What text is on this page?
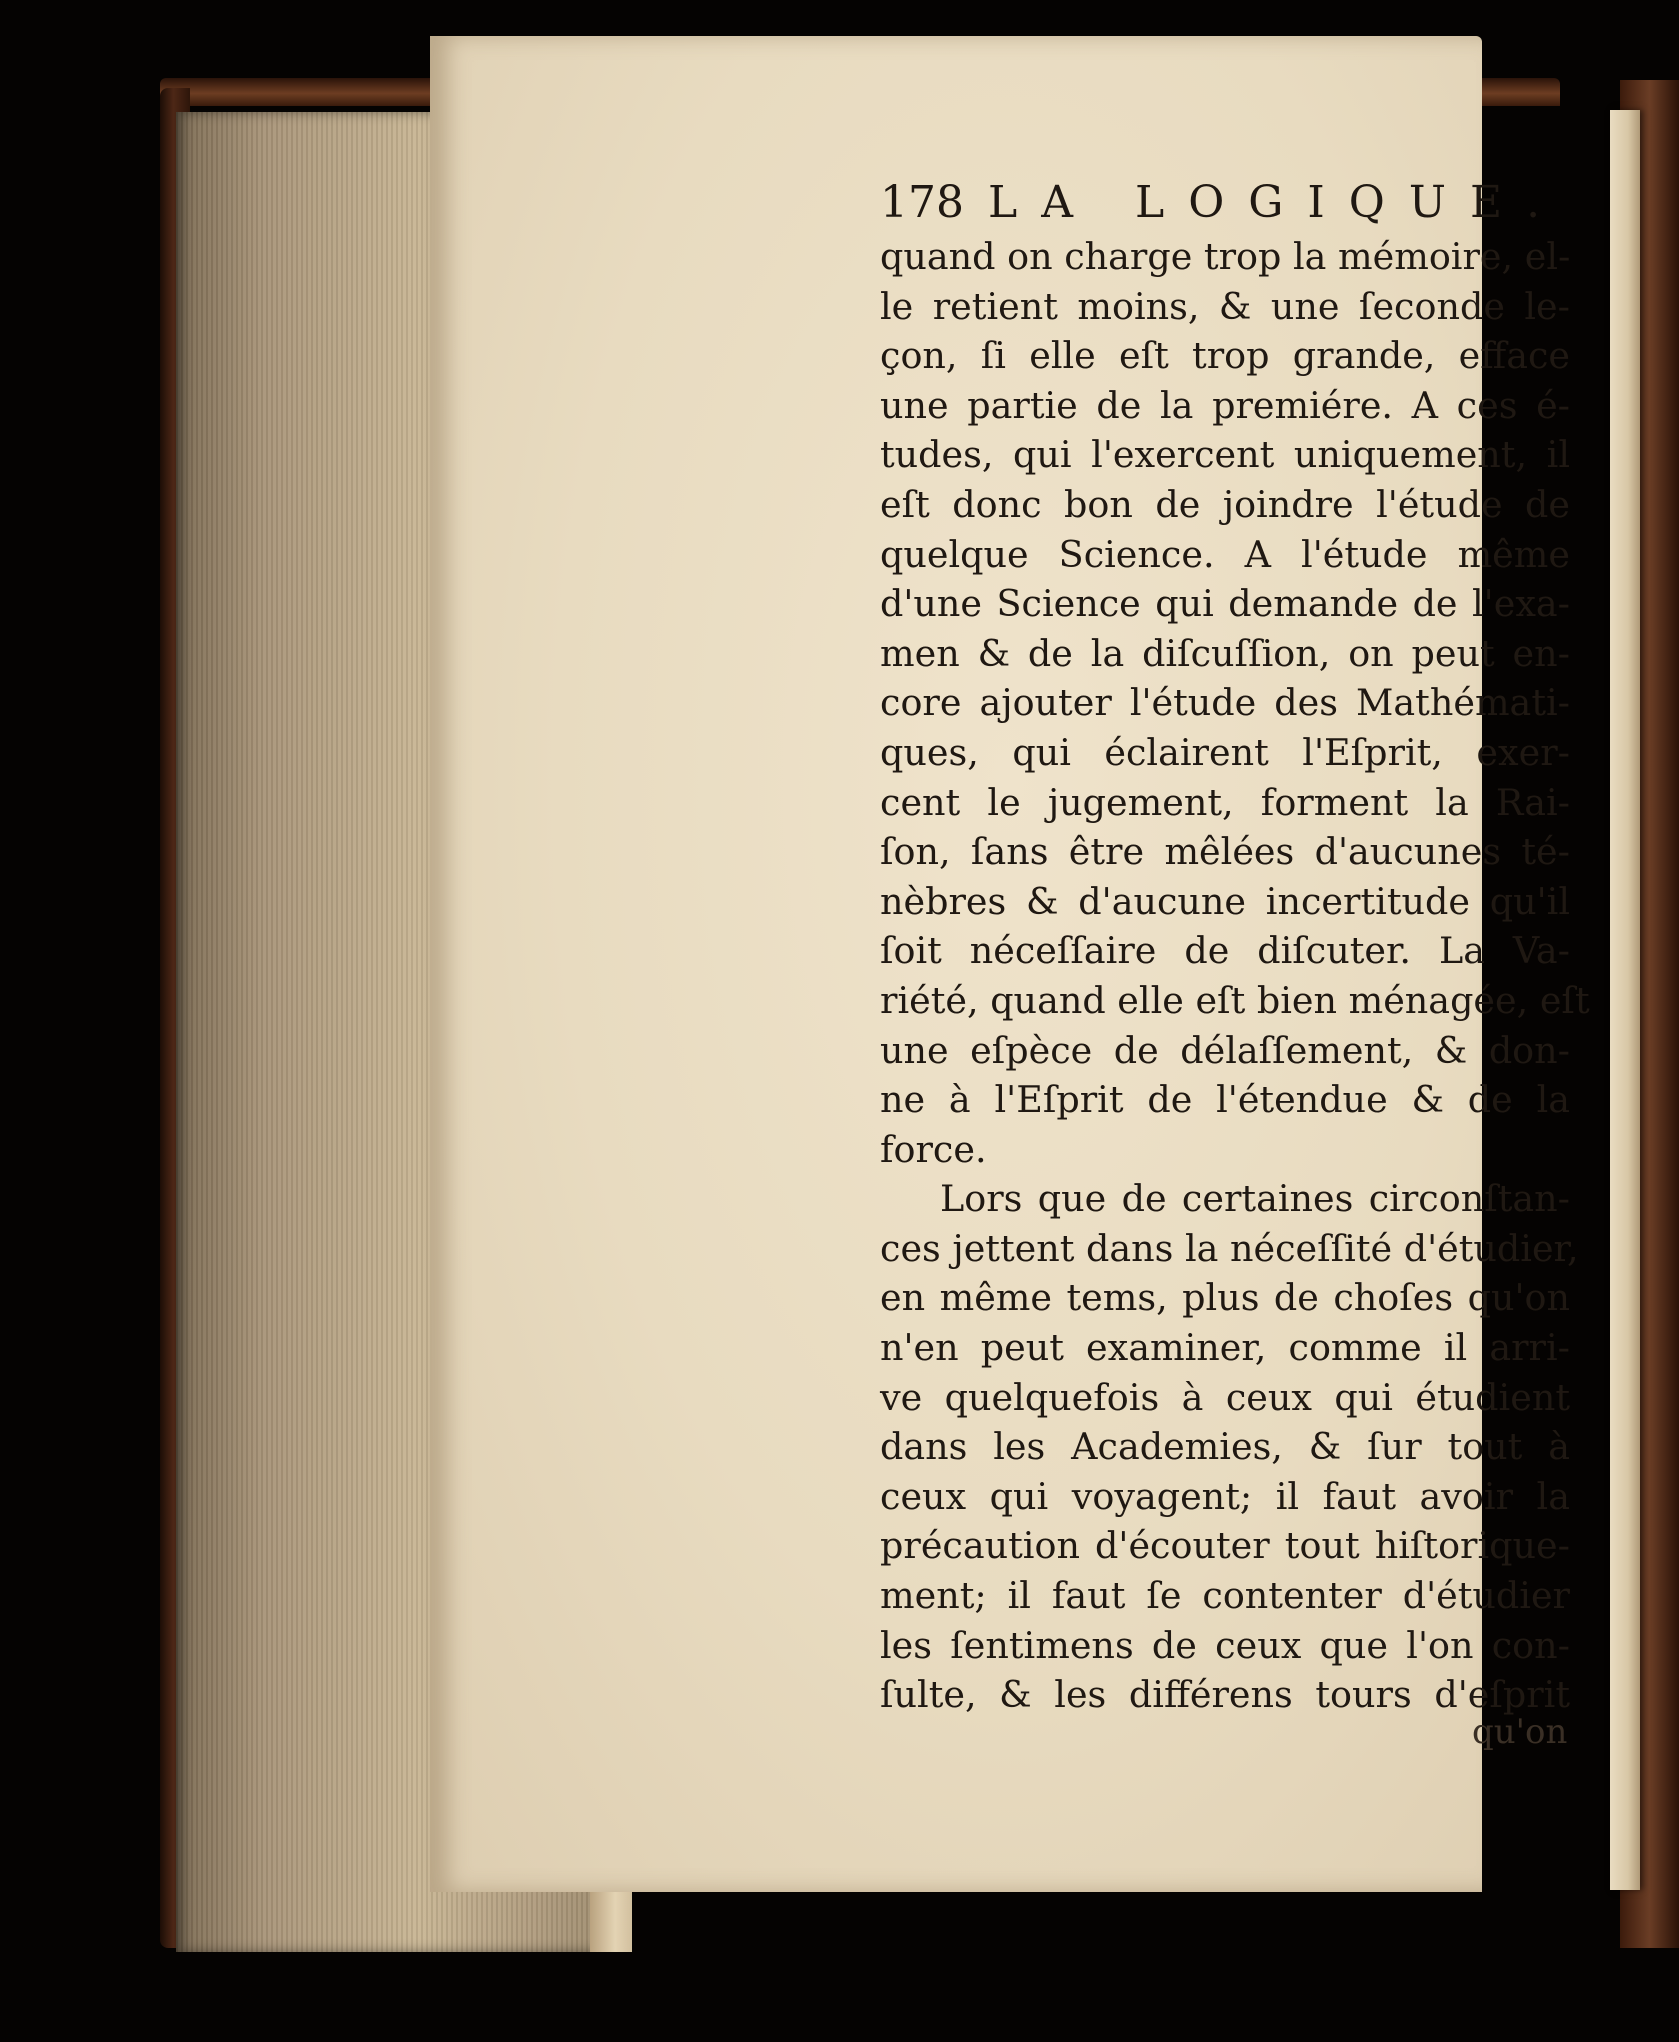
178 LA LOGIQUE.
quand on charge trop la mémoire, el-
le retient moins, & une ſeconde le-
çon, ſi elle eſt trop grande, efface
une partie de la premiére. A ces é-
tudes, qui l'exercent uniquement, il
eſt donc bon de joindre l'étude de
quelque Science. A l'étude même
d'une Science qui demande de l'exa-
men & de la diſcuſſion, on peut en-
core ajouter l'étude des Mathémati-
ques, qui éclairent l'Eſprit, exer-
cent le jugement, forment la Rai-
ſon, ſans être mêlées d'aucunes té-
nèbres & d'aucune incertitude qu'il
ſoit néceſſaire de diſcuter. La Va-
riété, quand elle eſt bien ménagée, eſt
une eſpèce de délaſſement, & don-
ne à l'Eſprit de l'étendue & de la
force.
Lors que de certaines circonſtan-
ces jettent dans la néceſſité d'étudier,
en même tems, plus de choſes qu'on
n'en peut examiner, comme il arri-
ve quelquefois à ceux qui étudient
dans les Academies, & ſur tout à
ceux qui voyagent; il faut avoir la
précaution d'écouter tout hiſtorique-
ment; il faut ſe contenter d'étudier
les ſentimens de ceux que l'on con-
ſulte, & les différens tours d'eſprit
qu'on
